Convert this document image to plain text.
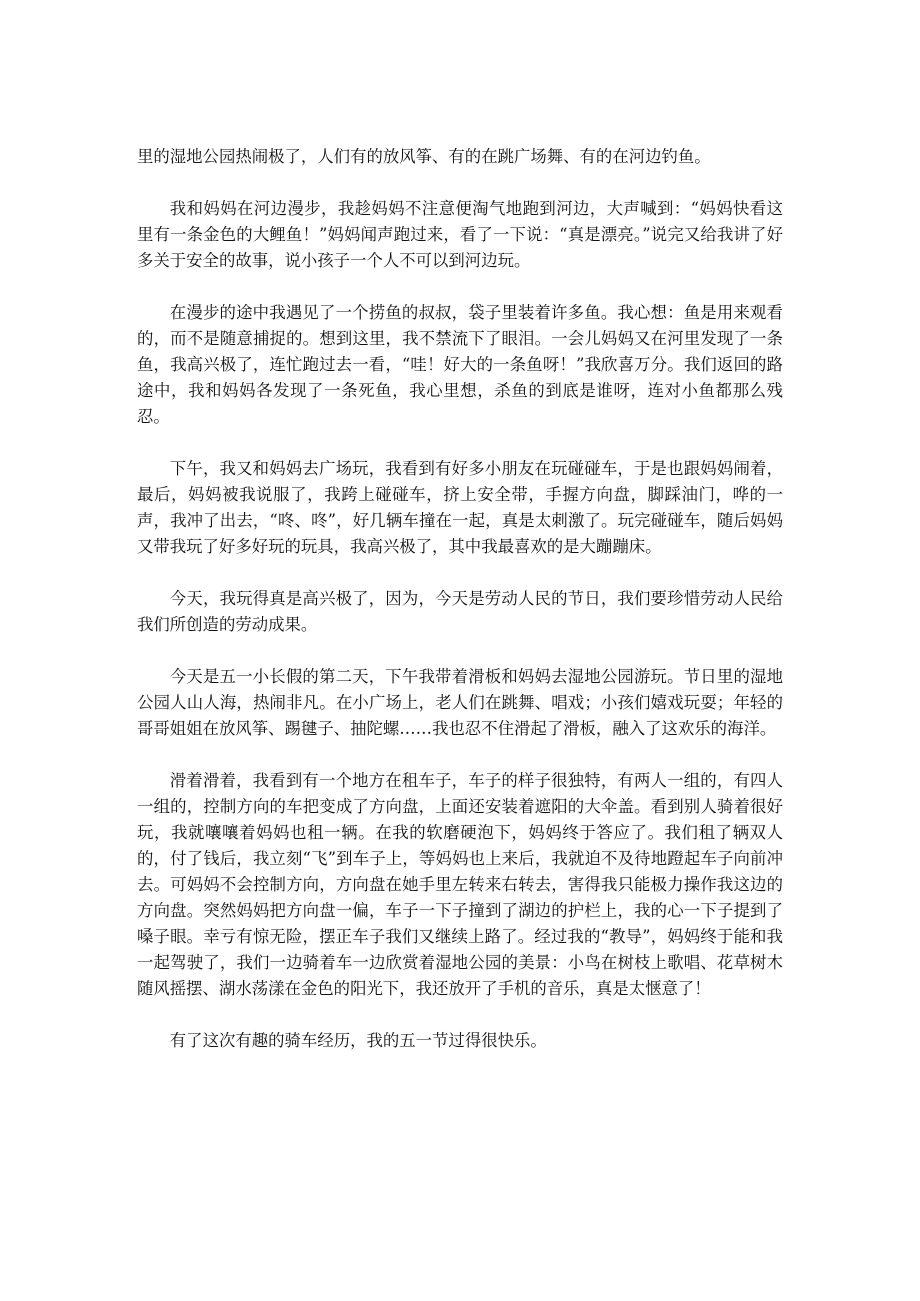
里的湿地公园热闹极了，人们有的放风筝、有的在跳广场舞、有的在河边钓鱼。

我和妈妈在河边漫步，我趁妈妈不注意便淘气地跑到河边，大声喊到：“妈妈快看这里有一条金色的大鲤鱼！”妈妈闻声跑过来，看了一下说：“真是漂亮。”说完又给我讲了好多关于安全的故事，说小孩子一个人不可以到河边玩。

在漫步的途中我遇见了一个捞鱼的叔叔，袋子里装着许多鱼。我心想：鱼是用来观看的，而不是随意捕捉的。想到这里，我不禁流下了眼泪。一会儿妈妈又在河里发现了一条鱼，我高兴极了，连忙跑过去一看，“哇！好大的一条鱼呀！”我欣喜万分。我们返回的路途中，我和妈妈各发现了一条死鱼，我心里想，杀鱼的到底是谁呀，连对小鱼都那么残忍。

下午，我又和妈妈去广场玩，我看到有好多小朋友在玩碰碰车，于是也跟妈妈闹着，最后，妈妈被我说服了，我跨上碰碰车，挤上安全带，手握方向盘，脚踩油门，哗的一声，我冲了出去，“咚、咚”，好几辆车撞在一起，真是太刺激了。玩完碰碰车，随后妈妈又带我玩了好多好玩的玩具，我高兴极了，其中我最喜欢的是大蹦蹦床。

今天，我玩得真是高兴极了，因为，今天是劳动人民的节日，我们要珍惜劳动人民给我们所创造的劳动成果。

今天是五一小长假的第二天，下午我带着滑板和妈妈去湿地公园游玩。节日里的湿地公园人山人海，热闹非凡。在小广场上，老人们在跳舞、唱戏；小孩们嬉戏玩耍；年轻的哥哥姐姐在放风筝、踢毽子、抽陀螺……我也忍不住滑起了滑板，融入了这欢乐的海洋。

滑着滑着，我看到有一个地方在租车子，车子的样子很独特，有两人一组的，有四人一组的，控制方向的车把变成了方向盘，上面还安装着遮阳的大伞盖。看到别人骑着很好玩，我就嚷嚷着妈妈也租一辆。在我的软磨硬泡下，妈妈终于答应了。我们租了辆双人的，付了钱后，我立刻“飞”到车子上，等妈妈也上来后，我就迫不及待地蹬起车子向前冲去。可妈妈不会控制方向，方向盘在她手里左转来右转去，害得我只能极力操作我这边的方向盘。突然妈妈把方向盘一偏，车子一下子撞到了湖边的护栏上，我的心一下子提到了嗓子眼。幸亏有惊无险，摆正车子我们又继续上路了。经过我的“教导”，妈妈终于能和我一起驾驶了，我们一边骑着车一边欣赏着湿地公园的美景：小鸟在树枝上歌唱、花草树木随风摇摆、湖水荡漾在金色的阳光下，我还放开了手机的音乐，真是太惬意了！

有了这次有趣的骑车经历，我的五一节过得很快乐。
